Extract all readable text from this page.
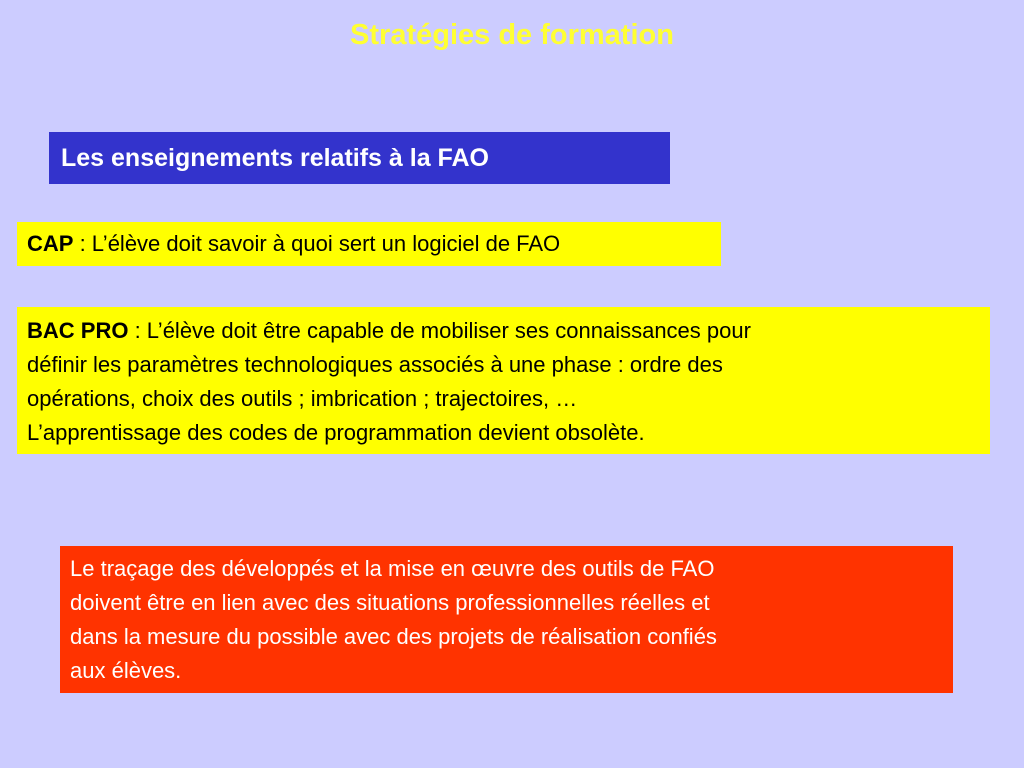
Stratégies de formation
Les enseignements relatifs à la FAO
CAP : L’élève doit savoir à quoi sert un logiciel de FAO
BAC PRO : L’élève doit être capable de mobiliser ses connaissances pour
définir les paramètres technologiques associés à une phase : ordre des
opérations, choix des outils ; imbrication ; trajectoires, …
L’apprentissage des codes de programmation devient obsolète.
Le traçage des développés et la mise en œuvre des outils de FAO
doivent être en lien avec des situations professionnelles réelles et
dans la mesure du possible avec des projets de réalisation confiés
aux élèves.
